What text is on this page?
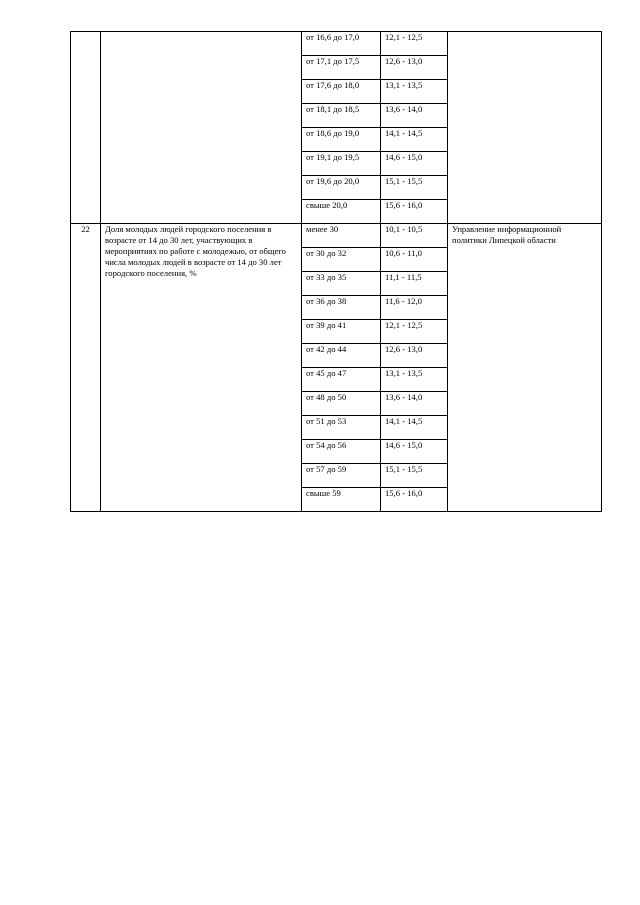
		от 16,6 до 17,0	12,1 - 12,5	
		от 17,1 до 17,5	12,6 - 13,0	
		от 17,6 до 18,0	13,1 - 13,5	
		от 18,1 до 18,5	13,6 - 14,0	
		от 18,6 до 19,0	14,1 - 14,5	
		от 19,1 до 19,5	14,6 - 15,0	
		от 19,6 до 20,0	15,1 - 15,5	
		свыше 20,0	15,6 - 16,0	
22	Доля молодых людей городского поселения в возрасте от 14 до 30 лет, участвующих в мероприятиях по работе с молодежью, от общего числа молодых людей в возрасте от 14 до 30 лет городского поселения, %	менее 30	10,1 - 10,5	Управление информационной политики Липецкой области
		от 30 до 32	10,6 - 11,0	
		от 33 до 35	11,1 - 11,5	
		от 36 до 38	11,6 - 12,0	
		от 39 до 41	12,1 - 12,5	
		от 42 до 44	12,6 - 13,0	
		от 45 до 47	13,1 - 13,5	
		от 48 до 50	13,6 - 14,0	
		от 51 до 53	14,1 - 14,5	
		от 54 до 56	14,6 - 15,0	
		от 57 до 59	15,1 - 15,5	
		свыше 59	15,6 - 16,0	
